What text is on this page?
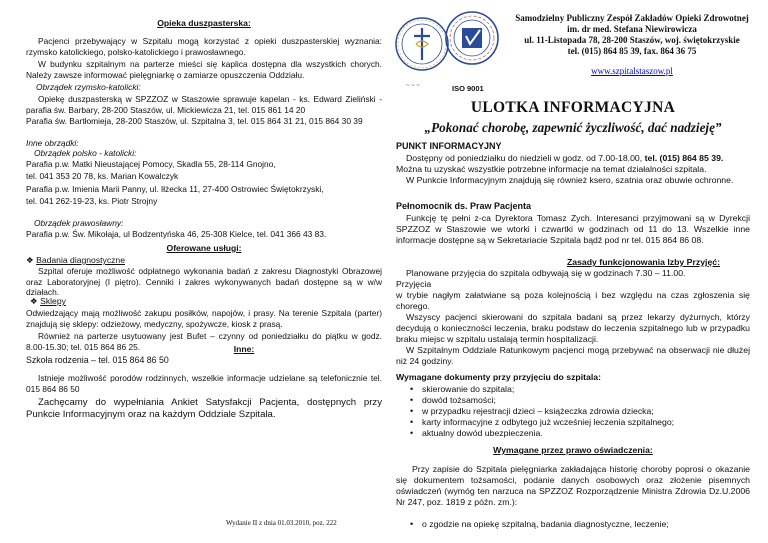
Opieka duszpasterska:

Pacjenci przebywający w Szpitalu mogą korzystać z opieki duszpasterskiej wyznania: rzymsko katolickiego, polsko-katolickiego i prawosławnego.

W budynku szpitalnym na parterze mieści się kaplica dostępna dla wszystkich chorych. Należy zawsze informować pielęgniarkę o zamiarze opuszczenia Oddziału.

Obrządek rzymsko-katolicki:

Opiekę duszpasterską w SPZZOZ w Staszowie sprawuje kapelan - ks. Edward Zieliński - parafia św. Barbary, 28-200 Staszów, ul. Mickiewicza 21, tel. 015 861 14 20

Parafia św. Bartłomieja, 28-200 Staszów, ul. Szpitalna 3, tel. 015 864 31 21, 015 864 30 39

Inne obrządki:

Obrządek polsko - katolicki:

Parafia p.w. Matki Nieustającej Pomocy, Skadla 55, 28-114 Gnojno,

tel. 041 353 20 78, ks. Marian Kowalczyk

Parafia p.w. Imienia Marii Panny, ul. Iłżecka 11, 27-400 Ostrowiec Świętokrzyski,

tel. 041 262-19-23, ks. Piotr Strojny

Obrządek prawosławny:

Parafia p.w. Św. Mikołaja, ul Bodzentyńska 46, 25-308 Kielce, tel. 041 366 43 83.

Oferowane usługi:

❖ Badania diagnostyczne

Szpital oferuje możliwość odpłatnego wykonania badań z zakresu Diagnostyki Obrazowej oraz Laboratoryjnej (I piętro). Cenniki i zakres wykonywanych badań dostępne są w w/w działach.

❖ Sklepy

Odwiedzający mają możliwość zakupu posiłków, napojów, i prasy. Na terenie Szpitala (parter) znajdują się sklepy: odzieżowy, medyczny, spożywcze, kiosk z prasą.

Również na parterze usytuowany jest Bufet – czynny od poniedziałku do piątku w godz. 8.00-15.30; tel. 015 864 86 25.	Inne:

Szkoła rodzenia – tel. 015 864 86 50

Istnieje możliwość porodów rodzinnych, wszelkie informacje udzielane są telefonicznie tel. 015 864 86 50

Zachęcamy do wypełniania Ankiet Satysfakcji Pacjenta, dostępnych przy Punkcie Informacyjnym oraz na każdym Oddziale Szpitala.

Wydanie II z dnia 01.03.2010, poz. 222

~ ~ ~	ISO 9001

Samodzielny Publiczny Zespół Zakładów Opieki Zdrowotnej

im. dr med. Stefana Niewirowicza

ul. 11-Listopada 78, 28-200 Staszów, woj. świętokrzyskie

tel. (015) 864 85 39, fax. 864 36 75

www.szpitalstaszow.pl

ULOTKA INFORMACYJNA

„Pokonać chorobę, zapewnić życzliwość, dać nadzieję”

PUNKT INFORMACYJNY

Dostępny od poniedziałku do niedzieli w godz. od 7.00-18.00, tel. (015) 864 85 39.

Można tu uzyskać wszystkie potrzebne informacje na temat działalności szpitala.

W Punkcie Informacyjnym znajdują się również ksero, szatnia oraz obuwie ochronne.

Pełnomocnik ds. Praw Pacjenta

Funkcję tę pełni z-ca Dyrektora Tomasz Zych. Interesanci przyjmowani są w Dyrekcji SPZZOZ w Staszowie we wtorki i czwartki w godzinach od 11 do 13. Wszelkie inne informacje dostępne są w Sekretariacie Szpitala bądź pod nr tel. 015 864 86 08.

Zasady funkcjonowania Izby Przyjęć:

Planowane przyjęcia do szpitala odbywają się w godzinach 7.30 – 11.00.

Przyjęcia

w trybie nagłym załatwiane są poza kolejnością i bez względu na czas zgłoszenia się chorego.

Wszyscy pacjenci skierowani do szpitala badani są przez lekarzy dyżurnych, którzy decydują o konieczności leczenia, braku podstaw do leczenia szpitalnego lub w przypadku braku miejsc w szpitalu ustalają termin hospitalizacji.

W Szpitalnym Oddziale Ratunkowym pacjenci mogą przebywać na obserwacji nie dłużej niż 24 godziny.

Wymagane dokumenty przy przyjęciu do szpitala:

• skierowanie do szpitala;
• dowód tożsamości;
• w przypadku rejestracji dzieci – książeczka zdrowia dziecka;
• karty informacyjne z odbytego już wcześniej leczenia szpitalnego;
• aktualny dowód ubezpieczenia.

Wymagane przez prawo oświadczenia:

Przy zapisie do Szpitala pielęgniarka zakładająca historię choroby poprosi o okazanie się dokumentem tożsamości, podanie danych osobowych oraz złożenie pisemnych oświadczeń (wymóg ten narzuca na SPZZOZ Rozporządzenie Ministra Zdrowia Dz.U.2006 Nr 247, poz. 1819 z późn. zm.):

• o zgodzie na opiekę szpitalną, badania diagnostyczne, leczenie;
